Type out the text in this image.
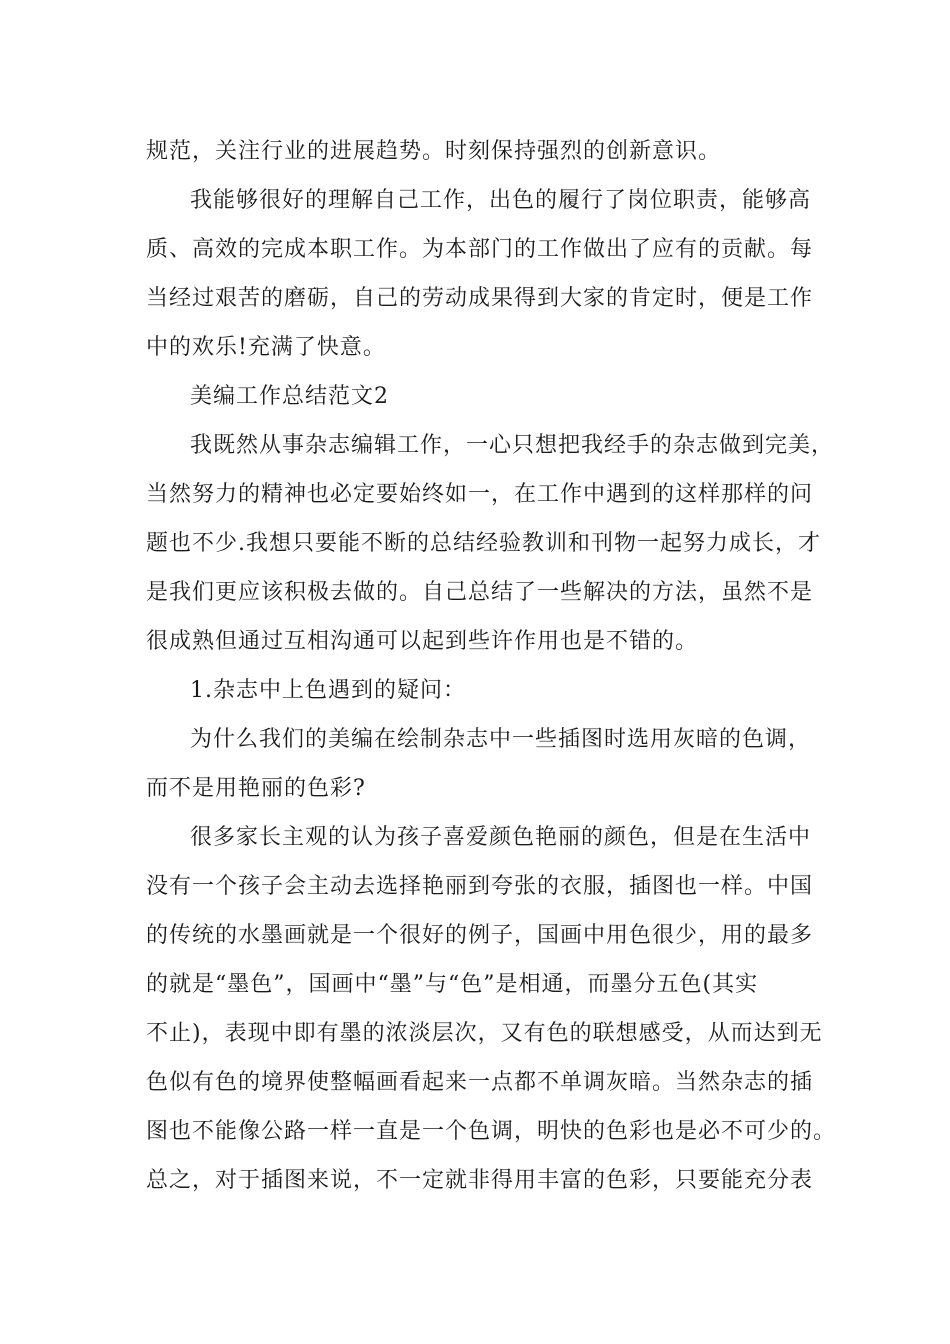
规范，关注行业的进展趋势。时刻保持强烈的创新意识。
我能够很好的理解自己工作，出色的履行了岗位职责，能够高
质、高效的完成本职工作。为本部门的工作做出了应有的贡献。每
当经过艰苦的磨砺，自己的劳动成果得到大家的肯定时，便是工作
中的欢乐!充满了快意。
美编工作总结范文2
我既然从事杂志编辑工作，一心只想把我经手的杂志做到完美，
当然努力的精神也必定要始终如一，在工作中遇到的这样那样的问
题也不少.我想只要能不断的总结经验教训和刊物一起努力成长，才
是我们更应该积极去做的。自己总结了一些解决的方法，虽然不是
很成熟但通过互相沟通可以起到些许作用也是不错的。
1.杂志中上色遇到的疑问：
为什么我们的美编在绘制杂志中一些插图时选用灰暗的色调，
而不是用艳丽的色彩?
很多家长主观的认为孩子喜爱颜色艳丽的颜色，但是在生活中
没有一个孩子会主动去选择艳丽到夸张的衣服，插图也一样。中国
的传统的水墨画就是一个很好的例子，国画中用色很少，用的最多
的就是“墨色”，国画中“墨”与“色”是相通，而墨分五色(其实
不止)，表现中即有墨的浓淡层次，又有色的联想感受，从而达到无
色似有色的境界使整幅画看起来一点都不单调灰暗。当然杂志的插
图也不能像公路一样一直是一个色调，明快的色彩也是必不可少的。
总之，对于插图来说，不一定就非得用丰富的色彩，只要能充分表
